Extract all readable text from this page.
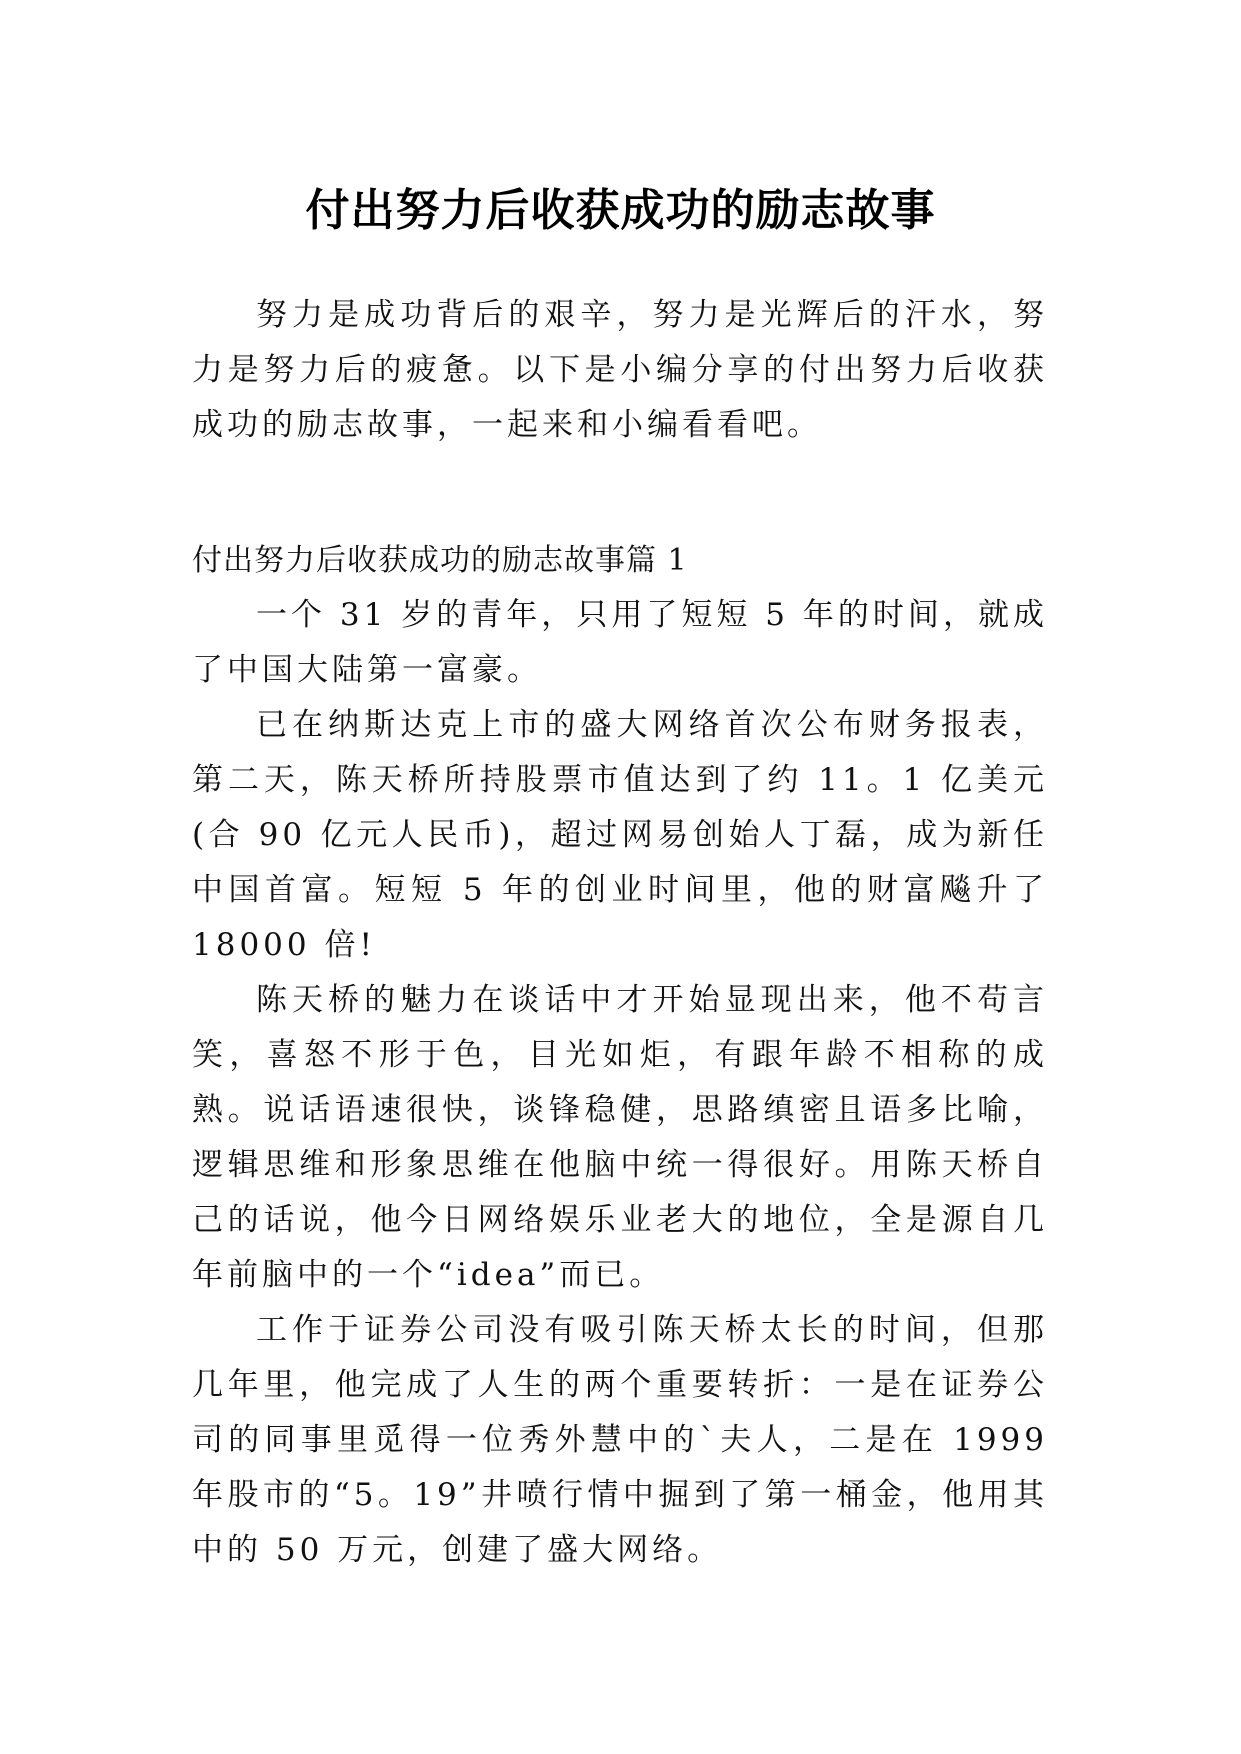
付出努力后收获成功的励志故事

努力是成功背后的艰辛，努力是光辉后的汗水，努力是努力后的疲惫。以下是小编分享的付出努力后收获成功的励志故事，一起来和小编看看吧。

付出努力后收获成功的励志故事篇 1

一个 31 岁的青年，只用了短短 5 年的时间，就成了中国大陆第一富豪。

已在纳斯达克上市的盛大网络首次公布财务报表，第二天，陈天桥所持股票市值达到了约 11。1 亿美元(合 90 亿元人民币)，超过网易创始人丁磊，成为新任中国首富。短短 5 年的创业时间里，他的财富飚升了 18000 倍!

陈天桥的魅力在谈话中才开始显现出来，他不苟言笑，喜怒不形于色，目光如炬，有跟年龄不相称的成熟。说话语速很快，谈锋稳健，思路缜密且语多比喻，逻辑思维和形象思维在他脑中统一得很好。用陈天桥自己的话说，他今日网络娱乐业老大的地位，全是源自几年前脑中的一个“idea”而已。

工作于证券公司没有吸引陈天桥太长的时间，但那几年里，他完成了人生的两个重要转折：一是在证券公司的同事里觅得一位秀外慧中的`夫人，二是在 1999 年股市的“5。19”井喷行情中掘到了第一桶金，他用其中的 50 万元，创建了盛大网络。
